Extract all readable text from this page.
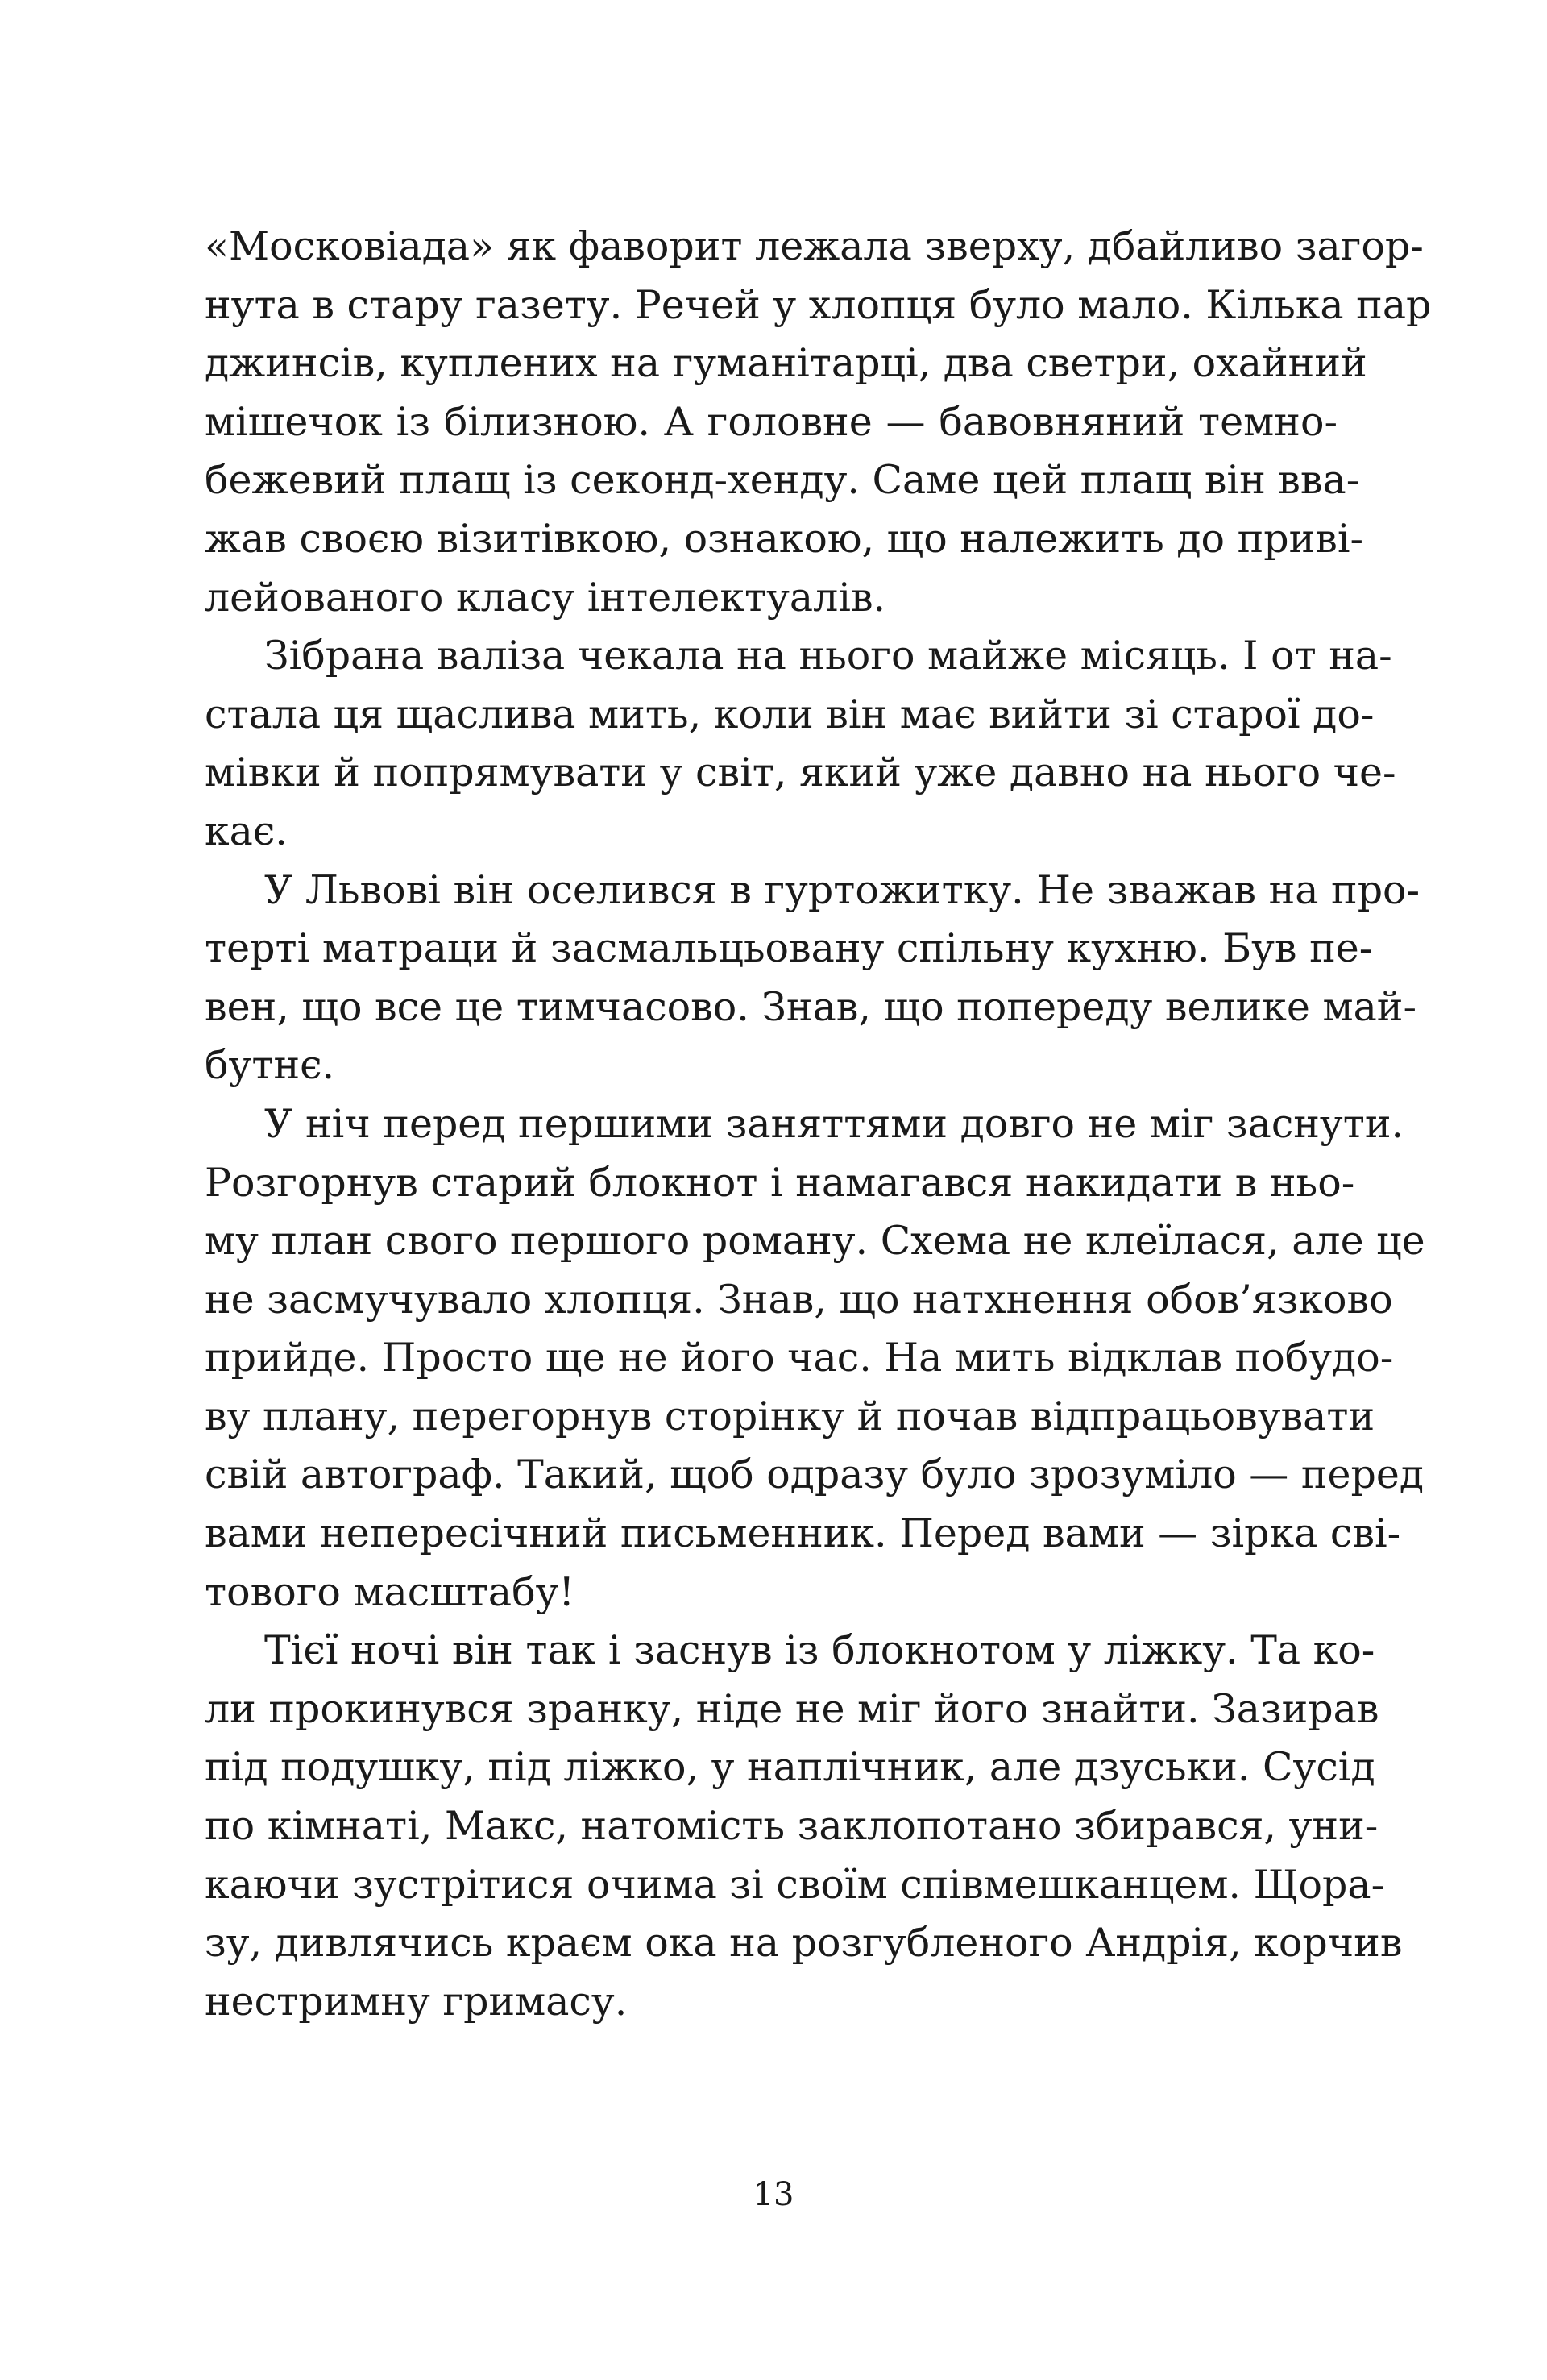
«Московіада» як фаворит лежала зверху, дбайливо загор-
нута в стару газету. Речей у хлопця було мало. Кілька пар
джинсів, куплених на гуманітарці, два светри, охайний
мішечок із білизною. А головне — бавовняний темно-
бежевий плащ із секонд-хенду. Саме цей плащ він вва-
жав своєю візитівкою, ознакою, що належить до приві-
лейованого класу інтелектуалів.
Зібрана валіза чекала на нього майже місяць. І от на-
стала ця щаслива мить, коли він має вийти зі старої до-
мівки й попрямувати у світ, який уже давно на нього че-
кає.
У Львові він оселився в гуртожитку. Не зважав на про-
терті матраци й засмальцьовану спільну кухню. Був пе-
вен, що все це тимчасово. Знав, що попереду велике май-
бутнє.
У ніч перед першими заняттями довго не міг заснути.
Розгорнув старий блокнот і намагався накидати в ньо-
му план свого першого роману. Схема не клеїлася, але це
не засмучувало хлопця. Знав, що натхнення обов’язково
прийде. Просто ще не його час. На мить відклав побудо-
ву плану, перегорнув сторінку й почав відпрацьовувати
свій автограф. Такий, щоб одразу було зрозуміло — перед
вами непересічний письменник. Перед вами — зірка сві-
тового масштабу!
Тієї ночі він так і заснув із блокнотом у ліжку. Та ко-
ли прокинувся зранку, ніде не міг його знайти. Зазирав
під подушку, під ліжко, у наплічник, але дзуськи. Сусід
по кімнаті, Макс, натомість заклопотано збирався, уни-
каючи зустрітися очима зі своїм співмешканцем. Щора-
зу, дивлячись краєм ока на розгубленого Андрія, корчив
нестримну гримасу.
13
